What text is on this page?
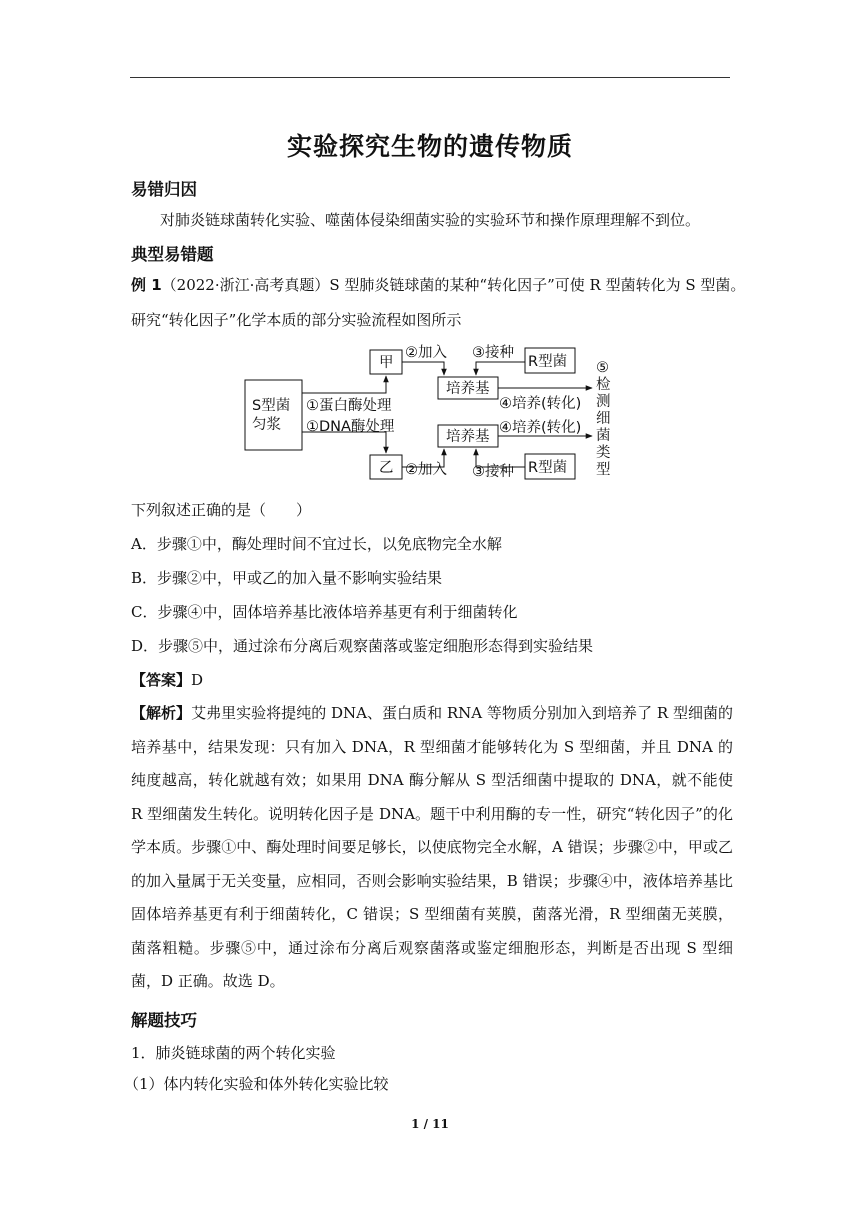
实验探究生物的遗传物质
易错归因
对肺炎链球菌转化实验、噬菌体侵染细菌实验的实验环节和操作原理理解不到位。
典型易错题
例 1（2022·浙江·高考真题）S 型肺炎链球菌的某种“转化因子”可使 R 型菌转化为 S 型菌。
研究“转化因子”化学本质的部分实验流程如图所示
S型菌
匀浆
①蛋白酶处理
①DNA酶处理
甲
乙
②加入
②加入
培养基
培养基
③接种
③接种
R型菌
R型菌
④培养(转化)
④培养(转化)
⑤
检
测
细
菌
类
型
下列叙述正确的是（　　）
A．步骤①中，酶处理时间不宜过长，以免底物完全水解
B．步骤②中，甲或乙的加入量不影响实验结果
C．步骤④中，固体培养基比液体培养基更有利于细菌转化
D．步骤⑤中，通过涂布分离后观察菌落或鉴定细胞形态得到实验结果
【答案】D
【解析】艾弗里实验将提纯的 DNA、蛋白质和 RNA 等物质分别加入到培养了 R 型细菌的培养基中，结果发现：只有加入 DNA，R 型细菌才能够转化为 S 型细菌，并且 DNA 的纯度越高，转化就越有效；如果用 DNA 酶分解从 S 型活细菌中提取的 DNA，就不能使 R 型细菌发生转化。说明转化因子是 DNA。题干中利用酶的专一性，研究“转化因子”的化学本质。步骤①中、酶处理时间要足够长，以使底物完全水解，A 错误；步骤②中，甲或乙的加入量属于无关变量，应相同，否则会影响实验结果，B 错误；步骤④中，液体培养基比固体培养基更有利于细菌转化，C 错误；S 型细菌有荚膜，菌落光滑，R 型细菌无荚膜，菌落粗糙。步骤⑤中，通过涂布分离后观察菌落或鉴定细胞形态，判断是否出现 S 型细菌，D 正确。故选 D。
解题技巧
1．肺炎链球菌的两个转化实验
（1）体内转化实验和体外转化实验比较
1 / 11
